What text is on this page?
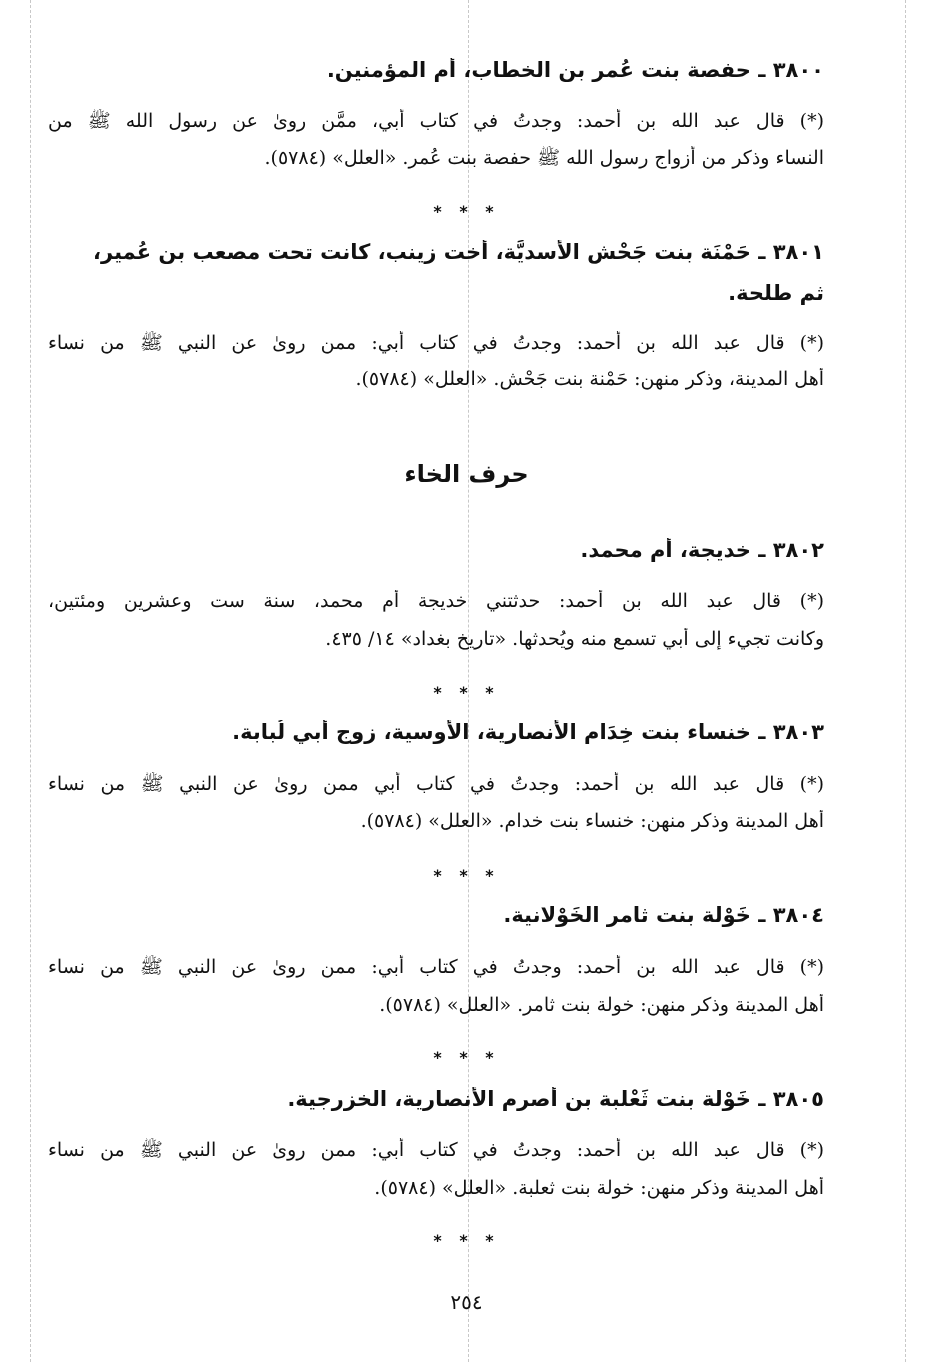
٣٨٠٠ ـ حفصة بنت عُمر بن الخطاب، أم المؤمنين.
(*) قال عبد الله بن أَحمد: وجدتُ في كتاب أَبي، ممَّن روىٰ عن رسول الله ﷺ من
النساء وذكر من أزواج رسول الله ﷺ حفصة بنت عُمر. «العلل» (٥٧٨٤).
* * *
٣٨٠١ ـ حَمْنَة بنت جَحْش الأَسديَّة، أُخت زينب، كانت تحت مصعب بن عُمير،
ثم طلحة.
(*) قال عبد الله بن أَحمد: وجدتُ في كتاب أَبي: ممن روىٰ عن النبي ﷺ من نساء
أَهل المدينة، وذكر منهن: حَمْنة بنت جَحْش. «العلل» (٥٧٨٤).
حرف الخاء
٣٨٠٢ ـ خديجة، أُم محمد.
(*) قال عبد الله بن أَحمد: حدثتني خديجة أُم محمد، سنة ست وعشرين ومئتين،
وكانت تجيء إِلى أَبي تسمع منه ويُحدثها. «تاريخ بغداد» ١٤/ ٤٣٥.
* * *
٣٨٠٣ ـ خنساء بنت خِدَام الأَنصارية، الأَوسية، زوج أَبي لُبابة.
(*) قال عبد الله بن أَحمد: وجدتُ في كتاب أَبي ممن روىٰ عن النبي ﷺ من نساء
أَهل المدينة وذكر منهن: خنساء بنت خدام. «العلل» (٥٧٨٤).
* * *
٣٨٠٤ ـ خَوْلة بنت ثامر الخَوْلانية.
(*) قال عبد الله بن أَحمد: وجدتُ في كتاب أَبي: ممن روىٰ عن النبي ﷺ من نساء
أَهل المدينة وذكر منهن: خولة بنت ثامر. «العلل» (٥٧٨٤).
* * *
٣٨٠٥ ـ خَوْلة بنت ثَعْلبة بن أَصرم الأَنصارية، الخزرجية.
(*) قال عبد الله بن أَحمد: وجدتُ في كتاب أَبي: ممن روىٰ عن النبي ﷺ من نساء
أَهل المدينة وذكر منهن: خولة بنت ثعلبة. «العلل» (٥٧٨٤).
* * *
٢٥٤
